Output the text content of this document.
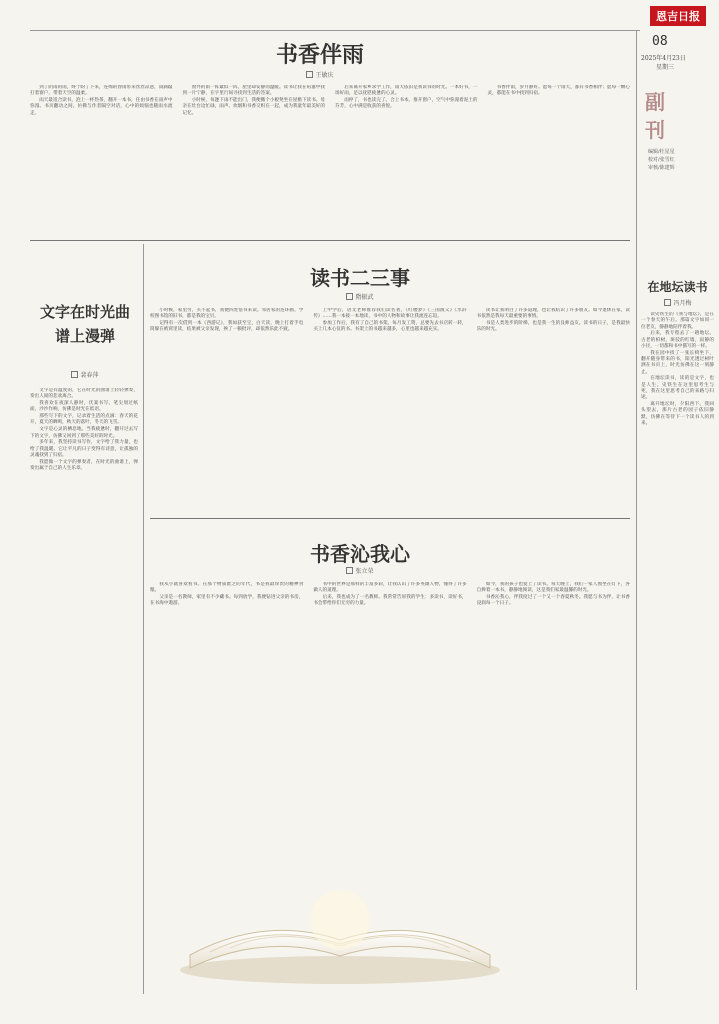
恩吉日报
08
2025年4月23日
星期三
副刊
编辑/杜星星
校对/张雪红
审核/陈建辉
书香伴雨
王敏庆

到了阴雨的雨，终于盼了下来，连绵的春雨带来丝丝凉意，雨滴敲打着窗户，带着天空的温柔。

雨天最适合读书，泡上一杯热茶，翻开一本书，任由书香在雨声中弥漫。书页翻动之间，仿佛与作者隔空对话，心中的烦恼也随雨水流走。

窗外的雨一阵紧似一阵，屋里却安静而温暖。读书让我在喧嚣中找到一片宁静，在字里行间寻找到生活的答案。

小时候，每逢下雨不能出门，我便搬个小板凳坐在屋檐下读书。母亲在灶台边忙碌，雨声、炊烟和书香交织在一起，成为我童年最美好的记忆。

后来离开家乡求学工作，雨天依旧是我读书的时光。一本好书，一场好雨，足以抚慰疲惫的心灵。

雨停了，书也读完了。合上书本，推开窗户，空气中弥漫着泥土的芬芳，心中满是收获的喜悦。

书香伴雨，岁月静好。愿每一个雨天，都有书香相伴；愿每一颗心灵，都能在书中找到归宿。

读书二三事
隋振武

小时候，家里穷，买不起书，我便四处借书来读。邻居家的连环画、学校图书馆的旧书，都是我的宝贝。

记得有一次借到一本《西游记》，我如获至宝，白天读，晚上打着手电筒躲在被窝里读，结果被父亲发现，挨了一顿批评，却依然乐此不疲。

上中学后，语文老师推荐我们读名著，《红楼梦》《三国演义》《水浒传》……我一本接一本地读，书中的人物和故事让我流连忘返。

参加工作后，我有了自己的书架。每月发工资，总要先去书店转一转，买上几本心仪的书。书架上的书越来越多，心里也越来越充实。

读书让我明白了许多道理，也让我结识了许多朋友。如今退休在家，读书依然是我每天最重要的事情。

书是人类进步的阶梯，也是我一生的良师益友。读书的日子，是我最快乐的时光。

文字在时光曲谱上漫弹
裴春萍

文字是有温度的，它在时光的曲谱上轻轻弹奏，奏出人间的悲欢离合。

我喜欢在夜深人静时，伏案书写。笔尖划过纸面，沙沙作响，仿佛是时光在低语。

那些写下的文字，记录着生活的点滴：春天的花开，夏天的蝉鸣，秋天的落叶，冬天的飞雪。

文字是心灵的栖息地。当我疲惫时，翻开过去写下的文字，仿佛又回到了那些美好的时光。

多年来，我坚持读书写作，文字给了我力量，也给了我温暖。它让平凡的日子变得有诗意，让孤独的灵魂找到了归宿。

我愿做一个文字的弹奏者，在时光的曲谱上，弹奏出属于自己的人生乐章。

书香沁我心
张立荣

我从小就喜欢看书。在那个物质匮乏的年代，书是我最珍贵的精神食粮。

父亲是一名教师，家里有不少藏书。每到放学，我便钻进父亲的书房，在书海中遨游。

书中的世界是那样的丰富多彩，让我认识了许多英雄人物，懂得了许多做人的道理。

后来，我也成为了一名教师。我常常告诉我的学生：多读书，读好书，书会带给你们无穷的力量。

如今，我的孩子也爱上了读书。每天晚上，我们一家人围坐在灯下，各自捧着一本书，静静地阅读，这是我们家最温馨的时光。

书香沁我心，伴我度过了一个又一个春夏秋冬。我愿与书为伴，让书香浸润每一个日子。

在地坛读书
冯月梅

读史铁生的《我与地坛》，是在一个春天的午后。那篇文字如同一位老友，静静地陪伴着我。

后来，我专程去了一趟地坛。古老的柏树，斑驳的红墙，寂静的小径，一切都和书中描写的一样。

我在园中找了一张长椅坐下，翻开随身带来的书，阳光透过树叶洒在书页上，时光仿佛在这一刻静止。

在地坛读书，读的是文字，也是人生。史铁生在这里思考生与死，我在这里思考自己的来路与归途。

离开地坛时，夕阳西下。我回头望去，那片古老的园子依旧静默，仿佛在等待下一个读书人的到来。
